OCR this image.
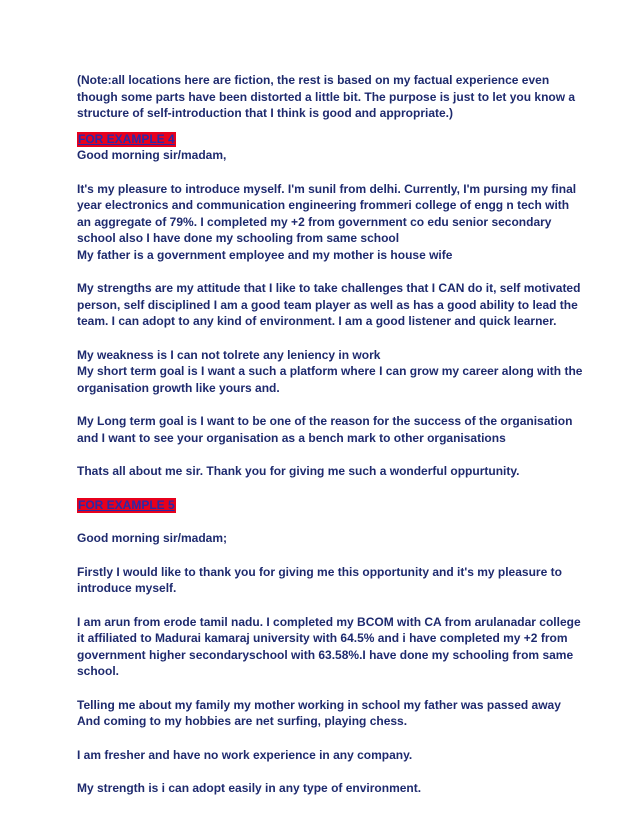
(Note:all locations here are fiction, the rest is based on my factual experience even

though some parts have been distorted a little bit. The purpose is just to let you know a

structure of self-introduction that I think is good and appropriate.)

FOR EXAMPLE 4

Good morning sir/madam,

It's my pleasure to introduce myself. I'm sunil from delhi. Currently, I'm pursing my final

year electronics and communication engineering frommeri college of engg n tech with

an aggregate of 79%. I completed my +2 from government co edu senior secondary

school also I have done my schooling from same school

My father is a government employee and my mother is house wife

My strengths are my attitude that I like to take challenges that I CAN do it, self motivated

person, self disciplined I am a good team player as well as has a good ability to lead the

team. I can adopt to any kind of environment. I am a good listener and quick learner.

My weakness is I can not tolrete any leniency in work

My short term goal is I want a such a platform where I can grow my career along with the

organisation growth like yours and.

My Long term goal is I want to be one of the reason for the success of the organisation

and I want to see your organisation as a bench mark to other organisations

Thats all about me sir. Thank you for giving me such a wonderful oppurtunity.

FOR EXAMPLE 5

Good morning sir/madam;

Firstly I would like to thank you for giving me this opportunity and it's my pleasure to

introduce myself.

I am arun from erode tamil nadu. I completed my BCOM with CA from arulanadar college

it affiliated to Madurai kamaraj university with 64.5% and i have completed my +2 from

government higher secondaryschool with 63.58%.I have done my schooling from same

school.

Telling me about my family my mother working in school my father was passed away

And coming to my hobbies are net surfing, playing chess.

I am fresher and have no work experience in any company.

My strength is i can adopt easily in any type of environment.
